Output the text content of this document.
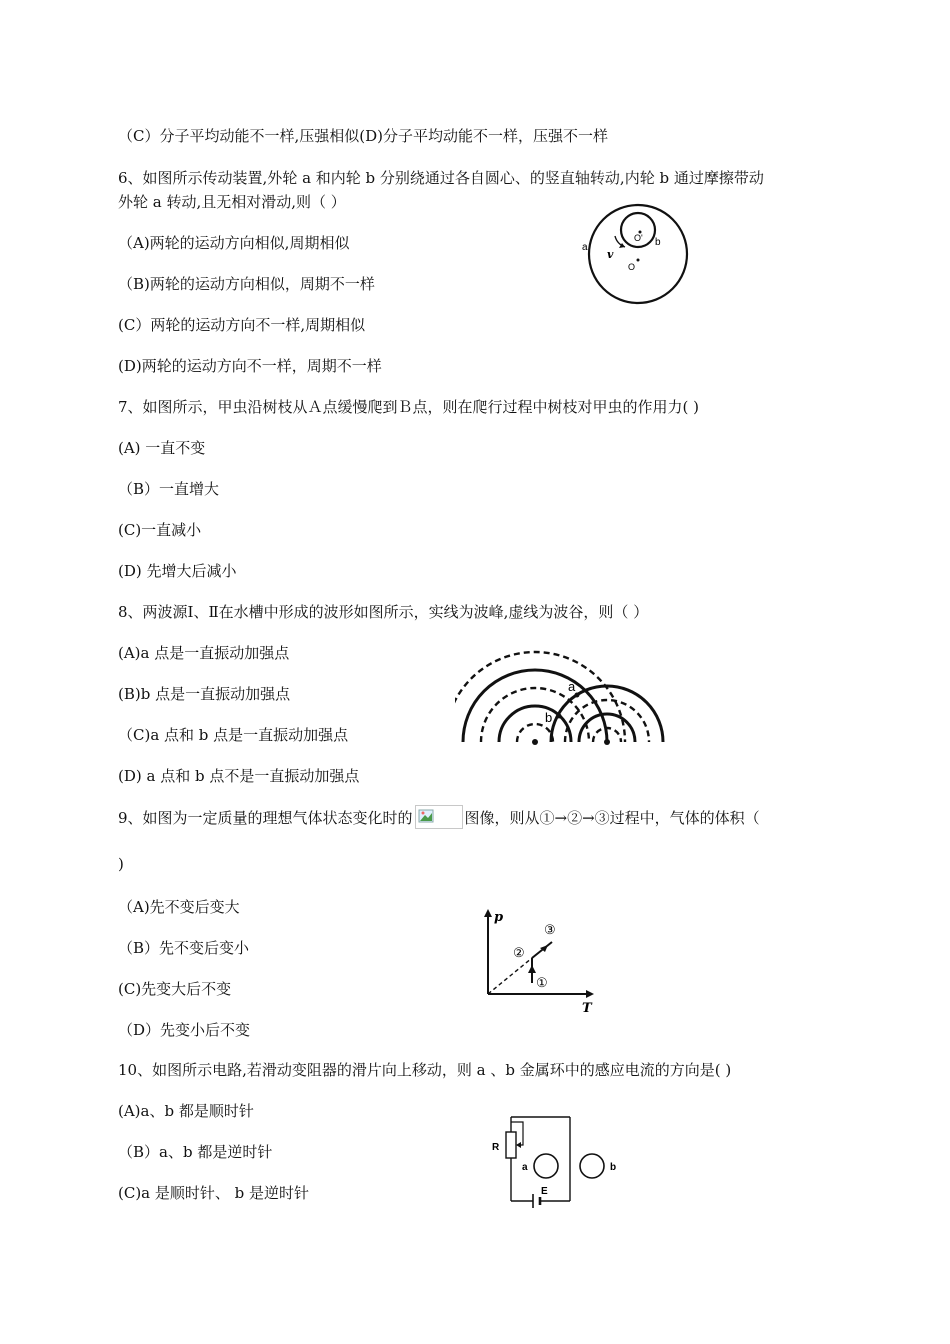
（C）分子平均动能不一样,压强相似(D)分子平均动能不一样，压强不一样
6、如图所示传动装置,外轮 a 和内轮 b 分别绕通过各自圆心、的竖直轴转动,内轮 b 通过摩擦带动
外轮 a 转动,且无相对滑动,则（ ）
（A)两轮的运动方向相似,周期相似
（B)两轮的运动方向相似，周期不一样
(C）两轮的运动方向不一样,周期相似
(D)两轮的运动方向不一样，周期不一样
a	b
v
O'
O
7、如图所示，甲虫沿树枝从Ａ点缓慢爬到Ｂ点，则在爬行过程中树枝对甲虫的作用力( )
(A) 一直不变
（B）一直增大
(C)一直减小
(D) 先增大后减小
8、两波源Ⅰ、Ⅱ在水槽中形成的波形如图所示，实线为波峰,虚线为波谷，则（ ）
(A)a 点是一直振动加强点
(B)b 点是一直振动加强点
（C)a 点和 b 点是一直振动加强点
(D) a 点和 b 点不是一直振动加强点
a
b
9、如图为一定质量的理想气体状态变化时的	图像，则从①→②→③过程中，气体的体积（
)
（A)先不变后变大
（B）先不变后变小
(C)先变大后不变
（D）先变小后不变
p
T
①
②
③
10、如图所示电路,若滑动变阻器的滑片向上移动，则 a 、b 金属环中的感应电流的方向是( )
(A)a、b 都是顺时针
（B）a、b 都是逆时针
(C)a 是顺时针、 b 是逆时针
R
a	b
E
